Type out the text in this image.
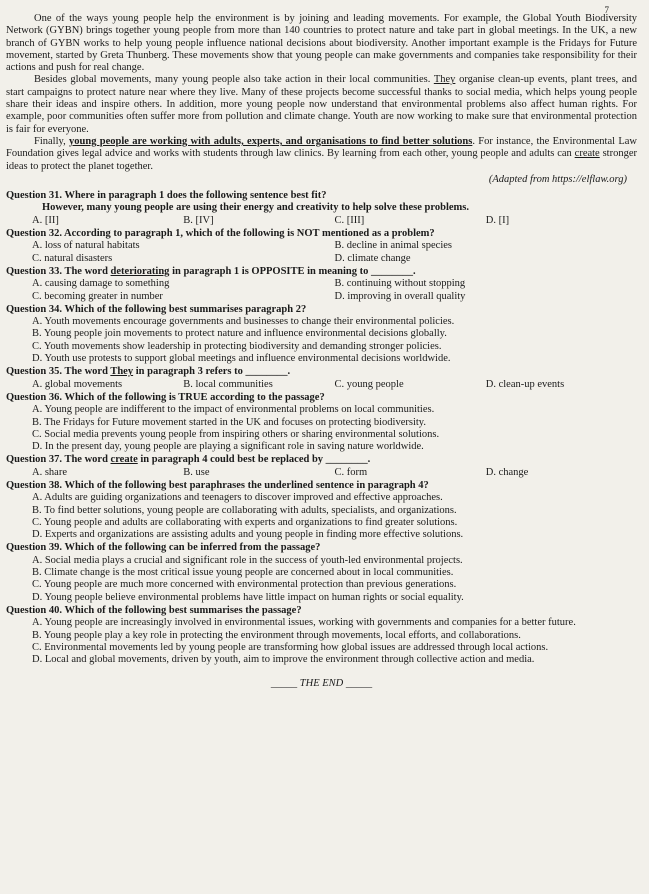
7

One of the ways young people help the environment is by joining and leading movements. For example, the Global Youth Biodiversity Network (GYBN) brings together young people from more than 140 countries to protect nature and take part in global meetings. In the UK, a new branch of GYBN works to help young people influence national decisions about biodiversity. Another important example is the Fridays for Future movement, started by Greta Thunberg. These movements show that young people can make governments and companies take responsibility for their actions and push for real change.

Besides global movements, many young people also take action in their local communities. They organise clean-up events, plant trees, and start campaigns to protect nature near where they live. Many of these projects become successful thanks to social media, which helps young people share their ideas and inspire others. In addition, more young people now understand that environmental problems also affect human rights. For example, poor communities often suffer more from pollution and climate change. Youth are now working to make sure that environmental protection is fair for everyone.

Finally, young people are working with adults, experts, and organisations to find better solutions. For instance, the Environmental Law Foundation gives legal advice and works with students through law clinics. By learning from each other, young people and adults can create stronger ideas to protect the planet together.

(Adapted from https://elflaw.org)

Question 31. Where in paragraph 1 does the following sentence best fit?
However, many young people are using their energy and creativity to help solve these problems.
A. [II]	B. [IV]	C. [III]	D. [I]
Question 32. According to paragraph 1, which of the following is NOT mentioned as a problem?
A. loss of natural habitats	B. decline in animal species
C. natural disasters	D. climate change
Question 33. The word deteriorating in paragraph 1 is OPPOSITE in meaning to ________.
A. causing damage to something	B. continuing without stopping
C. becoming greater in number	D. improving in overall quality
Question 34. Which of the following best summarises paragraph 2?
A. Youth movements encourage governments and businesses to change their environmental policies.
B. Young people join movements to protect nature and influence environmental decisions globally.
C. Youth movements show leadership in protecting biodiversity and demanding stronger policies.
D. Youth use protests to support global meetings and influence environmental decisions worldwide.
Question 35. The word They in paragraph 3 refers to ________.
A. global movements	B. local communities	C. young people	D. clean-up events
Question 36. Which of the following is TRUE according to the passage?
A. Young people are indifferent to the impact of environmental problems on local communities.
B. The Fridays for Future movement started in the UK and focuses on protecting biodiversity.
C. Social media prevents young people from inspiring others or sharing environmental solutions.
D. In the present day, young people are playing a significant role in saving nature worldwide.
Question 37. The word create in paragraph 4 could best be replaced by ________.
A. share	B. use	C. form	D. change
Question 38. Which of the following best paraphrases the underlined sentence in paragraph 4?
A. Adults are guiding organizations and teenagers to discover improved and effective approaches.
B. To find better solutions, young people are collaborating with adults, specialists, and organizations.
C. Young people and adults are collaborating with experts and organizations to find greater solutions.
D. Experts and organizations are assisting adults and young people in finding more effective solutions.
Question 39. Which of the following can be inferred from the passage?
A. Social media plays a crucial and significant role in the success of youth-led environmental projects.
B. Climate change is the most critical issue young people are concerned about in local communities.
C. Young people are much more concerned with environmental protection than previous generations.
D. Young people believe environmental problems have little impact on human rights or social equality.
Question 40. Which of the following best summarises the passage?
A. Young people are increasingly involved in environmental issues, working with governments and companies for a better future.
B. Young people play a key role in protecting the environment through movements, local efforts, and collaborations.
C. Environmental movements led by young people are transforming how global issues are addressed through local actions.
D. Local and global movements, driven by youth, aim to improve the environment through collective action and media.
_____ THE END _____
